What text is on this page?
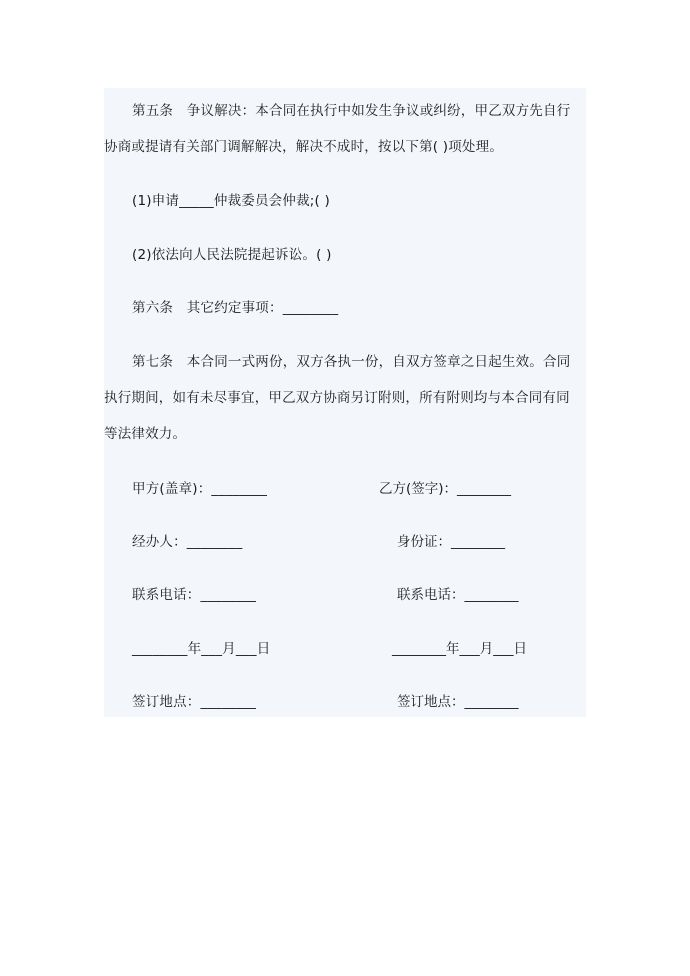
第五条　争议解决：本合同在执行中如发生争议或纠纷，甲乙双方先自行
协商或提请有关部门调解解决，解决不成时，按以下第( )项处理。
(1)申请_____仲裁委员会仲裁;( )
(2)依法向人民法院提起诉讼。( )
第六条　其它约定事项：________
第七条　本合同一式两份，双方各执一份，自双方签章之日起生效。合同
执行期间，如有未尽事宜，甲乙双方协商另订附则，所有附则均与本合同有同
等法律效力。
甲方(盖章)：________
经办人：________
联系电话：________
________年___月___日
签订地点：________
乙方(签字)：________
身份证：________
联系电话：________
________年___月___日
签订地点：________
